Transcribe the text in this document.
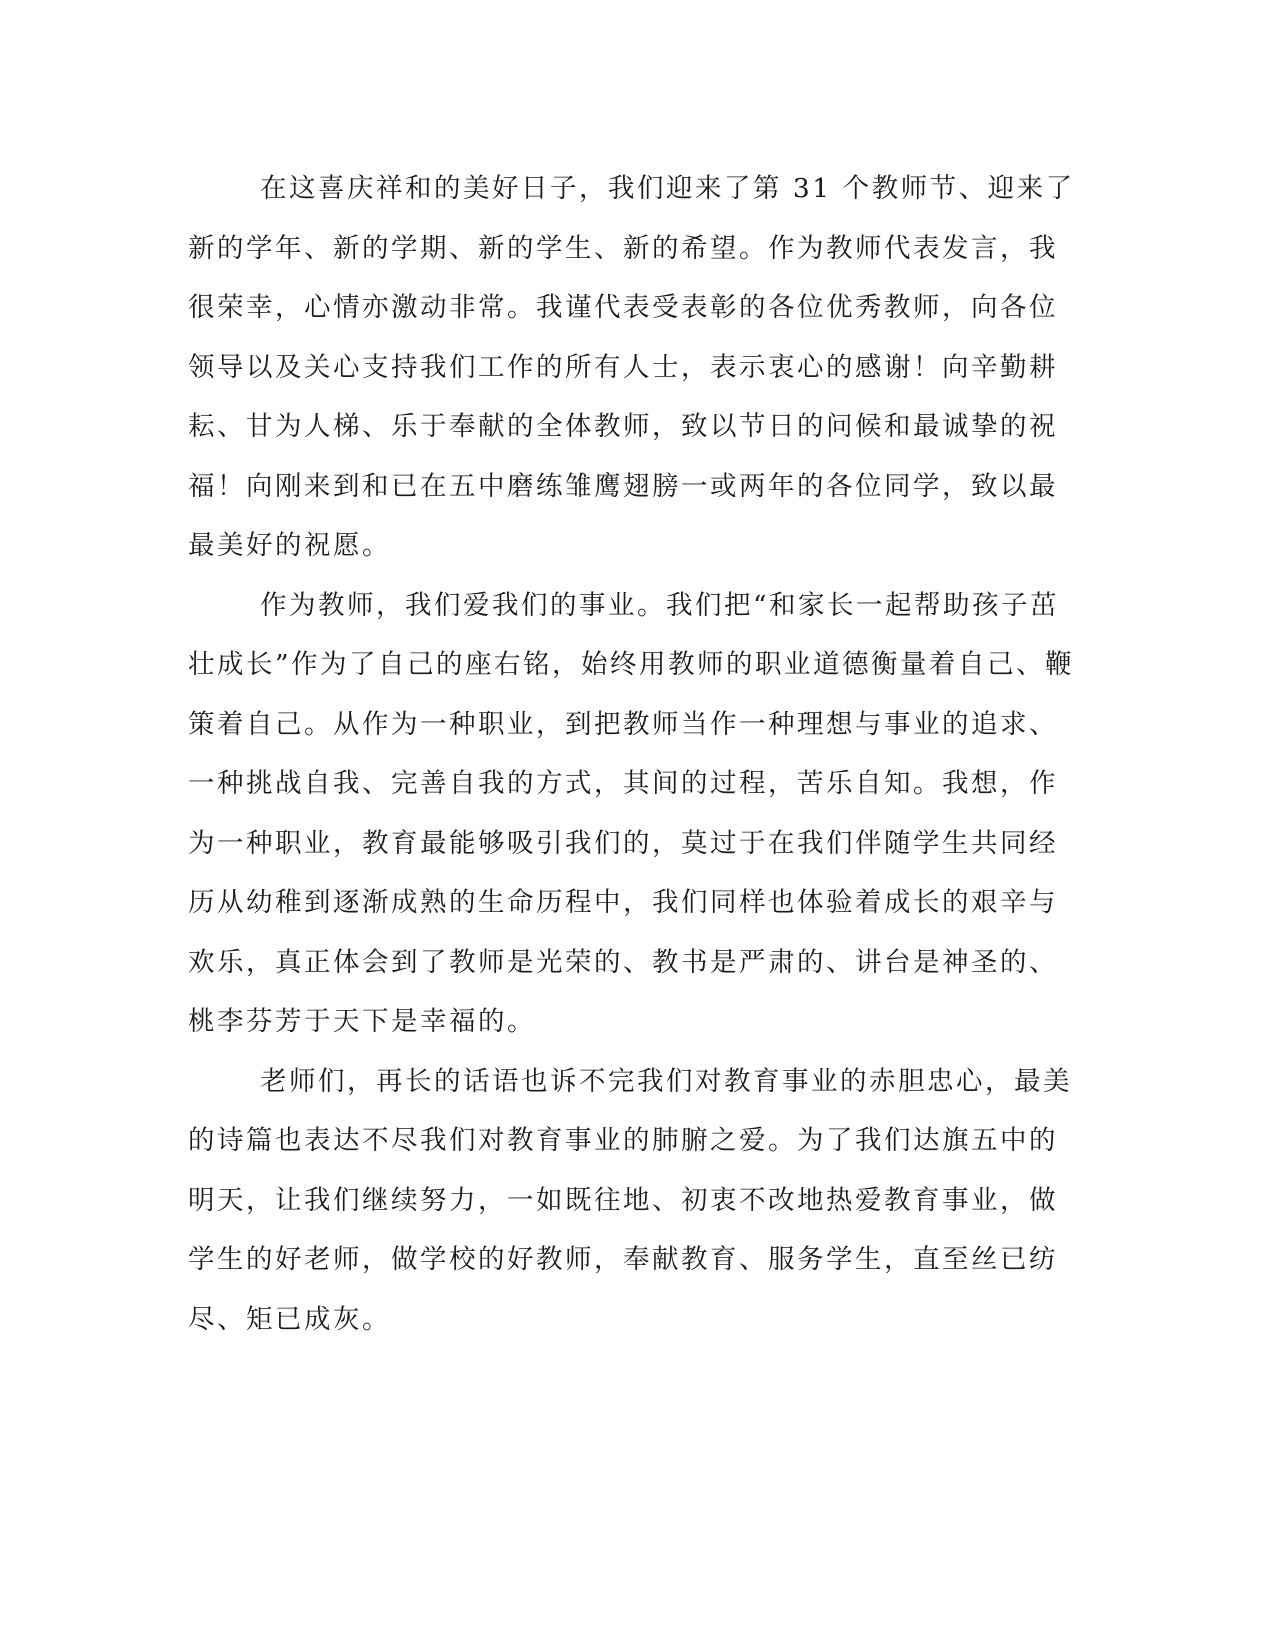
在这喜庆祥和的美好日子，我们迎来了第 31 个教师节、迎来了
新的学年、新的学期、新的学生、新的希望。作为教师代表发言，我
很荣幸，心情亦激动非常。我谨代表受表彰的各位优秀教师，向各位
领导以及关心支持我们工作的所有人士，表示衷心的感谢！向辛勤耕
耘、甘为人梯、乐于奉献的全体教师，致以节日的问候和最诚挚的祝
福！向刚来到和已在五中磨练雏鹰翅膀一或两年的各位同学，致以最
最美好的祝愿。
作为教师，我们爱我们的事业。我们把“和家长一起帮助孩子茁
壮成长”作为了自己的座右铭，始终用教师的职业道德衡量着自己、鞭
策着自己。从作为一种职业，到把教师当作一种理想与事业的追求、
一种挑战自我、完善自我的方式，其间的过程，苦乐自知。我想，作
为一种职业，教育最能够吸引我们的，莫过于在我们伴随学生共同经
历从幼稚到逐渐成熟的生命历程中，我们同样也体验着成长的艰辛与
欢乐，真正体会到了教师是光荣的、教书是严肃的、讲台是神圣的、
桃李芬芳于天下是幸福的。
老师们，再长的话语也诉不完我们对教育事业的赤胆忠心，最美
的诗篇也表达不尽我们对教育事业的肺腑之爱。为了我们达旗五中的
明天，让我们继续努力，一如既往地、初衷不改地热爱教育事业，做
学生的好老师，做学校的好教师，奉献教育、服务学生，直至丝已纺
尽、矩已成灰。
